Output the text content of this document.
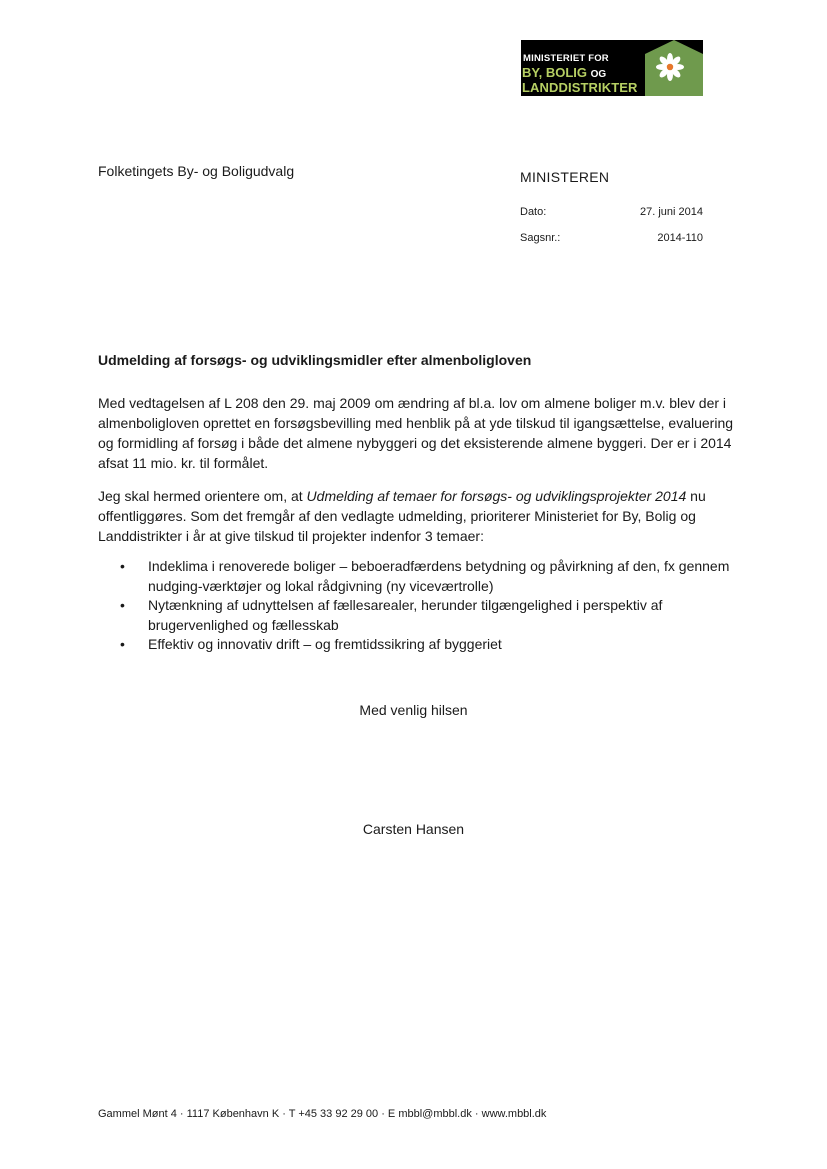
MINISTERIET FOR
BY, BOLIG OG
LANDDISTRIKTER
Folketingets By- og Boligudvalg	MINISTEREN
Dato:	27. juni 2014
Sagsnr.:	2014-110
Udmelding af forsøgs- og udviklingsmidler efter almenboligloven
Med vedtagelsen af L 208 den 29. maj 2009 om ændring af bl.a. lov om almene boliger m.v. blev der i almenboligloven oprettet en forsøgsbevilling med henblik på at yde tilskud til igangsættelse, evaluering og formidling af forsøg i både det almene nybyggeri og det eksisterende almene byggeri. Der er i 2014 afsat 11 mio. kr. til formålet.
Jeg skal hermed orientere om, at Udmelding af temaer for forsøgs- og udviklingsprojekter 2014 nu offentliggøres. Som det fremgår af den vedlagte udmelding, prioriterer Ministeriet for By, Bolig og Landdistrikter i år at give tilskud til projekter indenfor 3 temaer:
• Indeklima i renoverede boliger – beboeradfærdens betydning og påvirkning af den, fx gennem nudging-værktøjer og lokal rådgivning (ny viceværtrolle)
• Nytænkning af udnyttelsen af fællesarealer, herunder tilgængelighed i perspektiv af brugervenlighed og fællesskab
• Effektiv og innovativ drift – og fremtidssikring af byggeriet
Med venlig hilsen
Carsten Hansen
Gammel Mønt 4 · 1117 København K · T +45 33 92 29 00 · E mbbl@mbbl.dk · www.mbbl.dk
